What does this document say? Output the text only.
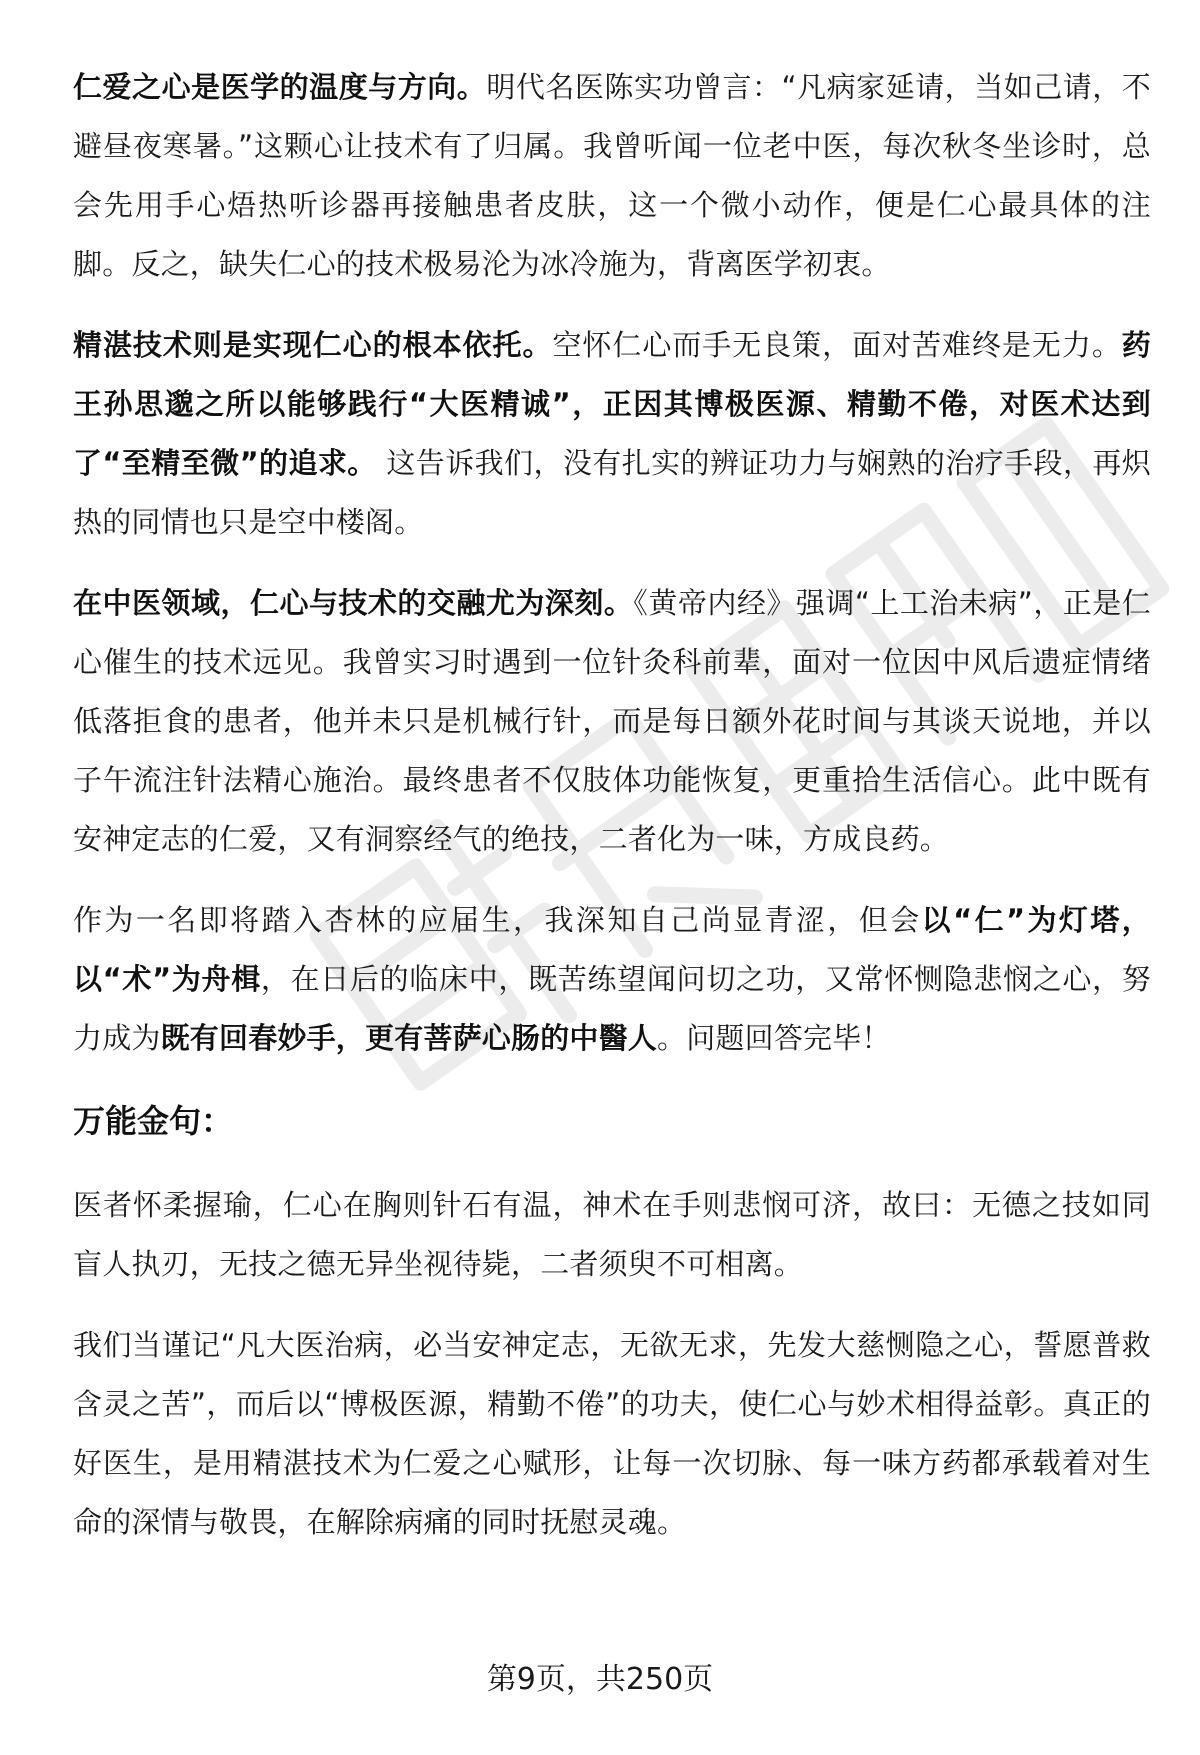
仁爱之心是医学的温度与方向。明代名医陈实功曾言：“凡病家延请，当如己请，不避昼夜寒暑。”这颗心让技术有了归属。我曾听闻一位老中医，每次秋冬坐诊时，总会先用手心焐热听诊器再接触患者皮肤，这一个微小动作，便是仁心最具体的注脚。反之，缺失仁心的技术极易沦为冰冷施为，背离医学初衷。

精湛技术则是实现仁心的根本依托。空怀仁心而手无良策，面对苦难终是无力。药王孙思邈之所以能够践行“大医精诚”，正因其博极医源、精勤不倦，对医术达到了“至精至微”的追求。 这告诉我们，没有扎实的辨证功力与娴熟的治疗手段，再炽热的同情也只是空中楼阁。

在中医领域，仁心与技术的交融尤为深刻。《黄帝内经》强调“上工治未病”，正是仁心催生的技术远见。我曾实习时遇到一位针灸科前辈，面对一位因中风后遗症情绪低落拒食的患者，他并未只是机械行针，而是每日额外花时间与其谈天说地，并以子午流注针法精心施治。最终患者不仅肢体功能恢复，更重拾生活信心。此中既有安神定志的仁爱，又有洞察经气的绝技，二者化为一味，方成良药。

作为一名即将踏入杏林的应届生，我深知自己尚显青涩，但会以“仁”为灯塔，以“术”为舟楫，在日后的临床中，既苦练望闻问切之功，又常怀恻隐悲悯之心，努力成为既有回春妙手，更有菩萨心肠的中醫人。问题回答完毕！

万能金句：

医者怀柔握瑜，仁心在胸则针石有温，神术在手则悲悯可济，故曰：无德之技如同盲人执刃，无技之德无异坐视待毙，二者须臾不可相离。

我们当谨记“凡大医治病，必当安神定志，无欲无求，先发大慈恻隐之心，誓愿普救含灵之苦”，而后以“博极医源，精勤不倦”的功夫，使仁心与妙术相得益彰。真正的好医生，是用精湛技术为仁爱之心赋形，让每一次切脉、每一味方药都承载着对生命的深情与敬畏，在解除病痛的同时抚慰灵魂。

第9页，共250页
